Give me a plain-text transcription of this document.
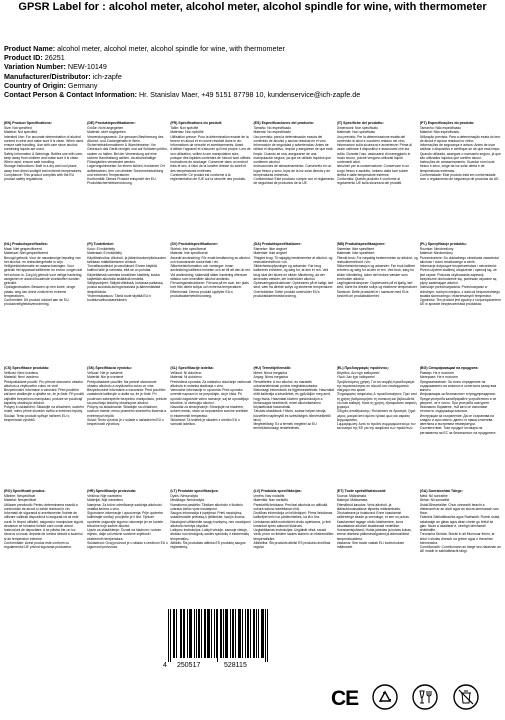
GPSR Label for : alcohol meter, alcohol meter, alcohol spindle for wine, with thermometer
Product Name: alcohol meter, alcohol meter, alcohol spindle for wine, with thermometer
Product ID: 26251
Variation Number: NEW-10149
Manufacturer/Distributor: ich-zapfe
Country of Origin: Germany
Contact Person & Contact Information: Hr. Stanislav Maer, +49 5151 87798 10, kundenservice@ich-zapfe.de
(EN) Product Specifications:

Size: Not specified
Material: Not specified
Intended Use: For accurate determination of alcohol content in wine and make sure it is clean. When used, ensure safe handling. Use with care since alcohol containing liquids are used.
Safety Information & Warnings: Bottles use with care, keep away from children and make sure it is clean. When used, ensure safe handling.
Storage Instructions: Built in a dry and cool place, away from direct sunlight and extreme temperatures.
Compliance: This product complies with the EU product safety regulations.

(DE) Produktspezifikationen:

Größe: nicht angegeben
Material: nicht angegeben
Verwendungszweck: Zur genauen Bestimmung des Alkohol- und Zuckergehalts in Wein.
Sicherheitsinformationen & Warnhinweise: Vor Gebrauch das Gerät reinigen und auf Schäden prüfen, sauber zu halten. Bei der Verwendung auf eine sichere Handhabung achten, da alkoholhaltige Flüssigkeiten verwendet werden.
Lagerungshinweise: An einem kühlen, trockenen Ort aufbewahren, fern von direkter Sonneneinstrahlung und extremen Temperaturen.
Konformität: Dieses Produkt entspricht der EU-Produktsicherheitsverordnung.

(FR) Spécifications du produit:

Taille: Non spécifié
Matériau: Non spécifié
Utilisation prévue: Pour la détermination exacte de la teneur en alcool et en sucre résiduel dans le vin.
Informations de sécurité et avertissements: Avant d'utiliser l'appareil et s'assurer qu'il est propre. Lors de son utilisation, veillez à une manipulation sûre, puisque des liquides contenant de l'alcool sont utilisés.
Instructions de stockage: Conserver dans un endroit frais et sec, à l'abri de la lumière directe du soleil et des températures extrêmes.
Conformité: Ce produit est conforme à la réglementation de l'UE sur la sécurité des produits.

(ES) Especificaciones del producto:

Tamaño: No especificado
Material: No especificado
Uso previsto: para la determinación exacta del contenido de alcohol y azúcar residual en el vino.
Información de seguridad y advertencias: Antes de utilizar el dispositivo, limpiar y asegúrese de que está limpio. Cuando se usa, asegurarse de una manipulación segura, ya que se utilizan líquidos que contienen alcohol.
Instrucciones de almacenamiento: Consérvelo en un lugar fresco y seco, lejos de la luz solar directa y de temperaturas extremas.
Conformidad: Este producto cumple con el reglamento de seguridad de productos de la UE.

(IT) Specifiche del prodotto:

Dimensioni: Non specificato
Materiale: Non specificato
Uso previsto: Per la determinazione esatta del contenuto di alcol e zucchero residuo nel vino.
Informazioni sulla sicurezza e avvertenze: Prima di usare calibrare il dispositivo e assicurarsi che sia pulito. Durante l'uso, assicurarsi di maneggiarlo in modo sicuro, poiché vengono utilizzati liquidi contenenti alcol.
Istruzioni per la conservazione: Conservare in un luogo fresco e asciutto, lontano dalla luce solare diretta e dalle temperature estreme.
Conformità: Questo prodotto è conforme al regolamento UE sulla sicurezza dei prodotti.

(PT) Especificações do produto:

Tamanho: Não especificado
Material: Não especificado
Utilização prevista: Para a determinação exata do teor de álcool e açúcar residual no vinho.
Informações de segurança e avisos: Antes de usar calibrar o dispositivo e certifique-se de que está limpo. Quando utilizado, assegure o manuseio seguro, já que são utilizados líquidos que contêm álcool.
Instruções de armazenamento: Guardar num local fresco e seco, longe da luz solar direta e de temperaturas extremas.
Conformidade: Este produto está em conformidade com o regulamento de segurança de produtos da UE.

(NL) Productspecificaties:

Maat: Niet gespecificeerd
Materiaal: Niet gespecificeerd
Beoogd gebruik: Voor de nauwkeurige bepaling van het alcohol- en restsuikergehalte in wijn.
Veiligheidsinformatie en waarschuwingen: Voor gebruik het apparaat kalibreren en ervoor zorgen dat het schoon is. Zorg bij gebruik voor veilige hantering, aangezien er alcoholhoudende vloeistoffen worden gebruikt.
Opslaginstructies: Bewaren op een koele, droge plaats, weg van direct zonlicht en extreme temperaturen.
Conformiteit: Dit product voldoet aan de EU-productveiligheidsverordening.

(FI) Tuotetiedot:

Koko: Ei määritelty
Materiaali: Ei määritelty
Käyttötarkoitus: Alkoholi- ja jäännössokeripitoisuuden tarkkaan määrittämiseen viinissä.
Turvallisuustiedot ja varoitukset: Ennen käyttöä kalibroi laite ja varmista, että se on puhdas. Käytettäessä varmista turvallinen käsittely, koska käytetään alkoholia sisältäviä nesteitä.
Säilytysohjeet: Säilytä viileässä, kuivassa paikassa, poissa suorasta auringonvalosta ja äärimmäisistä lämpötiloista.
Yhdenmukaisuus: Tämä tuote täyttää EU:n tuoteturvallisuusasetuksen.

(SV) Produktspecifikationer:

Storlek: Inte specificerat
Material: Inte specificerat
Avsedd användning: För exakt bestämning av alkohol- och kvarvarande sockerhalt i vin.
Säkerhetsinformation och varningar: Innan användning kalibrera enheten och se till att den är ren. Vid användning, säkerställ säker hantering eftersom vätskor som innehåller alkohol används.
Förvaringsinstruktioner: Förvara på en sval, torr plats bort från direkt solljus och extrema temperaturer.
Efterlevnad: Denna produkt uppfyller EU:s produktsäkerhetsförordning.

(DA) Produktspecifikationer:

Størrelse: Ikke angivet
Materiale: Ikke angivet
Tilsigtet brug: Til nøjagtig bestemmelse af alkohol- og restsukkerindhold i vin.
Sikkerhedsoplysninger og advarsler: Før brug kalibreres enheden, og sørg for, at den er ren. Ved brug skal der sikres en sikker håndtering, da der anvendes væsker, der indeholder alkohol.
Opbevaringsinstruktioner: Opbevares på et køligt, tørt sted, væk fra direkte sollys og ekstreme temperaturer.
Overholdelse: Dette produkt overholder EU's produktsikkerhedsforordning.

(NB) Produktspesifikasjoner:

Størrelse: Ikke spesifisert
Materiale: Ikke spesifisert
Tiltenkt bruk: For nøyaktig bestemmelse av alkohol- og restsukkerinnhold i vin.
Sikkerhetsinformasjon og advarsler: Før bruk kalibrer enheten og sørg for at den er ren. Ved bruk, sørg for sikker håndtering, siden det brukes væsker som inneholder alkohol.
Lagringsinstruksjoner: Oppbevares på et kjølig, tørt sted, borte fra direkte sollys og ekstreme temperaturer.
Samsvar: Dette produktet er i samsvar med EUs forskrift om produktsikkerhet.

(PL) Specyfikacje produktu:

Rozmiar: Nieokreślony
Materiał: Nieokreślony
Przeznaczenie: Do dokładnego określania zawartości alkoholu i cukru resztkowego w winie.
Informacje dotyczące bezpieczeństwa i ostrzeżenia: Przed użyciem skalibruj urządzenie i upewnij się, że jest czyste. Podczas użytkowania zapewnij bezpieczne obchodzenie się, ponieważ używane są płyny zawierające alkohol.
Instrukcje przechowywania: Przechowywać w chłodnym, suchym miejscu, z dala od bezpośredniego światła słonecznego i ekstremalnych temperatur.
Zgodność: Ten produkt jest zgodny z rozporządzeniem UE w sprawie bezpieczeństwa produktów.

(CS) Specifikace produktu:

Velikost: Není uvedeno
Materiál: Není uvedeno
Předpokládané použití: Pro přesné stanovení obsahu alkoholu a zbytkového cukru ve víně.
Bezpečnostní informace a varování: Před použitím zařízení zkalibrujte a ujistěte se, že je čisté. Při použití zajistěte bezpečnou manipulaci, protože se používají kapaliny obsahující alkohol.
Pokyny k uskladnění: Skladujte na chladném, suchém místě, mimo přímé sluneční světlo a extrémní teploty.
Soulad: Tento produkt splňuje nařízení EU o bezpečnosti výrobků.

(SK) Špecifikácia výrobku:

Veľkosť: Nie je uvedené
Materiál: Nie je uvedené
Predpokladané použitie: Na presné stanovenie obsahu alkoholu a zvyškového cukru vo víne.
Bezpečnostné informácie a varovania: Pred použitím zariadenie kalibrujte a uistite sa, že je čisté. Pri používaní zabezpečte bezpečnú manipuláciu, pretože sa používajú tekutiny obsahujúce alkohol.
Pokyny na skladovanie: Skladujte na chladnom, suchom mieste, mimo priameho slnečného žiarenia a extrémnych teplôt.
Súlad: Tento výrobok je v súlade s nariadením EÚ o bezpečnosti výrobkov.

(SL) Specifikacije izdelka:

Velikost: Ni določeno
Material: Ni določeno
Predvidena uporaba: Za natančno določanje vsebnosti alkohola in ostanka sladkorja v vinu.
Varnostne informacije in opozorila: Pred uporabo umerite napravo in se prepričajte, da je čista. Pri uporabi zagotovite varno ravnanje, saj se uporabljajo tekočine, ki vsebujejo alkohol.
Navodila za shranjevanje: Shranjujte na hladnem, suhem mestu, stran od neposredne sončne svetlobe in ekstremnih temperatur.
Skladnost: Ta izdelek je skladen z uredbo EU o varnosti izdelkov.

(HU) Termékjellemzők:

Méret: Nincs megadva
Anyag: Nincs megadva
Rendeltetés: A bor alkohol- és maradék cukortartalmának pontos meghatározására.
Biztonsági információk és figyelmeztetések: Használat előtt kalibrálja a készüléket, és győződjön meg arról, hogy tiszta. Használat közben gondoskodjon a biztonságos kezelésről, mivel alkoholtartalmú folyadékokat használnak.
Tárolási utasítások: Hűvös, száraz helyen tárolja, közvetlen napfénytől és szélsőséges hőmérséklettől távol.
Megfelelőség: Ez a termék megfelel az EU termékbiztonsági rendeletének.

(EL) Προδιαγραφές προϊόντος:

Μέγεθος: Δεν έχει καθοριστεί
Υλικό: Δεν έχει καθοριστεί
Προβλεπόμενη χρήση: Για τον ακριβή προσδιορισμό της περιεκτικότητας σε αλκοόλ και υπολειμματικό σάκχαρο στο κρασί.
Πληροφορίες ασφαλείας & προειδοποιήσεις: Πριν από τη χρήση βαθμονομήστε τη συσκευή και βεβαιωθείτε ότι είναι καθαρή. Κατά τη χρήση, εξασφαλίστε ασφαλή χειρισμό.
Οδηγίες αποθήκευσης: Φυλάσσετε σε δροσερό, ξηρό μέρος, μακριά από άμεσο ηλιακό φως και ακραίες θερμοκρασίες.
Συμμόρφωση: Αυτό το προϊόν συμμορφώνεται με τον κανονισμό της ΕΕ για την ασφάλεια των προϊόντων.

(BG) Спецификации на продукта:

Размер: Не е посочен
Материал: Не е посочен
Предназначение: За точно определяне на съдържанието на алкохол и остатъчна захар във виното.
Информация за безопасност и предупреждения: Преди употреба калибрирайте устройството и се уверете, че е чисто. При употреба осигурете безопасно боравене, тъй като се използват течности, съдържащи алкохол.
Инструкции за съхранение: Да се съхранява на хладно и сухо място, далеч от пряка слънчева светлина и екстремни температури.
Съответствие: Този продукт отговаря на регламента на ЕС за безопасност на продуктите.

(RO) Specificații produs:

Mărime: Nespecificat
Material: Nespecificat
Utilizare prevăzută: Pentru determinarea exactă a conținutului de alcool și zahăr rezidual în vin.
Informații de siguranță și avertismente: Înainte de utilizare calibrați dispozitivul și asigurați-vă că este curat. În timpul utilizării, asigurați o manipulare sigură, deoarece se folosesc lichide care conțin alcool.
Instrucțiuni de depozitare: A se păstra într-un loc răcoros și uscat, departe de lumina directă a soarelui și de temperaturi extreme.
Conformitate: Acest produs este conform cu regulamentul UE privind siguranța produselor.

(HR) Specifikacije proizvoda:

Veličina: Nije navedeno
Materijal: Nije navedeno
Namjena: Za točno određivanje sadržaja alkohola i ostatka šećera u vinu.
Sigurnosne informacije i upozorenja: Prije upotrebe kalibrirajte uređaj i provjerite je li čist. Tijekom upotrebe osigurajte sigurno rukovanje jer se koriste tekućine koje sadrže alkohol.
Upute za skladištenje: Čuvati na hladnom i suhom mjestu, dalje od izravne sunčeve svjetlosti i ekstremnih temperatura.
Sukladnost: Ovaj proizvod je u skladu s uredbom EU o sigurnosti proizvoda.

(LT) Produkto specifikacijos:

Dydis: Nenurodyta
Medžiaga: Nenurodyta
Numatoma paskirtis: Tiksliam alkoholio ir likutinio cukraus kiekio vyne nustatymui.
Saugos informacija ir įspėjimai: Prieš naudojimą sukalibruokite prietaisą ir įsitikinkite, kad jis švarus. Naudojant užtikrinkite saugų tvarkymą, nes naudojami alkoholio turintys skysčiai.
Laikymo instrukcijos: Laikyti vėsioje, sausoje vietoje, atokiau nuo tiesioginių saulės spindulių ir ekstremalių temperatūrų.
Atitiktis: Šis produktas atitinka ES produktų saugos reglamentą.

(LV) Produkta specifikācijas:

Izmērs: Nav norādīts
Materiāls: Nav norādīts
Paredzētā lietošana: Precīzai alkohola un atlikušā cukura satura noteikšanai vīnā.
Drošības informācija un brīdinājumi: Pirms lietošanas kalibrējiet ierīci un pārliecinieties, ka tā ir tīra. Lietošanas laikā nodrošiniet drošu apiešanos, jo tiek izmantoti spirtu saturoši šķidrumi.
Uzglabāšanas instrukcijas: Uzglabāt vēsā, sausā vietā, prom no tiešiem saules stariem un ekstremālām temperatūrām.
Atbilstība: Šis produkts atbilst ES produktu drošības regulai.

(ET) Toote spetsifikatsioonid:

Suurus: Määramata
Materjal: Määramata
Ettenähtud kasutus: Veini alkoholi- ja jääksuhkrusisalduse täpseks määramiseks.
Ohutusteave ja hoiatused: Enne kasutamist kalibreerige seade ja veenduge, et see on puhas. Kasutamisel tagage ohutu käsitsemine, kuna kasutatakse alkoholi sisaldavaid vedelikke.
Hoiustamisjuhised: Hoida jahedas ja kuivas kohas, eemal otsesest päikesevalgusest ja äärmuslikest temperatuuridest.
Vastavus: See toode vastab ELi tooteohutuse määrusele.

(GA) Sonraíochtaí Táirge:

Méid: Níl sonraithe
Ábhar: Níl sonraithe
Úsáid Bheartaithe: Chun cinneadh beacht a dhéanamh ar an alcól agus an siúcra iarmharach san fhíon.
Faisnéis Sábháilteachta agus Rabhaidh: Roimh úsáid, calabraigh an gléas agus déan cinnte go bhfuil sé glan. Nuair a úsáidtear é, cinntigh láimhseáil shábháilte.
Treoracha Stórála: Stóráil in áit fhionnuar thirim, ar shiúl ó sholas díreach na gréine agus ó theochtaí foircneacha.
Comhlíonadh: Comhlíonann an táirge seo rialachán an AE maidir le sábháilteacht táirgí.

4 250517	528115
CE
